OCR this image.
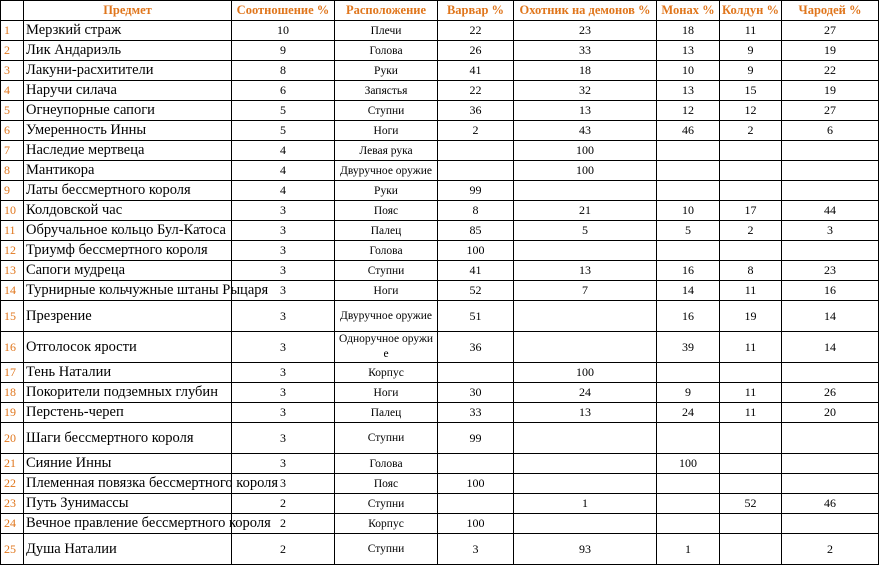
	Предмет	Соотношение %	Расположение	Варвар %	Охотник на демонов %	Монах %	Колдун %	Чародей %
1	Мерзкий страж	10	Плечи	22	23	18	11	27
2	Лик Андариэль	9	Голова	26	33	13	9	19
3	Лакуни-расхитители	8	Руки	41	18	10	9	22
4	Наручи силача	6	Запястья	22	32	13	15	19
5	Огнеупорные сапоги	5	Ступни	36	13	12	12	27
6	Умеренность Инны	5	Ноги	2	43	46	2	6
7	Наследие мертвеца	4	Левая рука		100			
8	Мантикора	4	Двуручное оружие		100			
9	Латы бессмертного короля	4	Руки	99				
10	Колдовской час	3	Пояс	8	21	10	17	44
11	Обручальное кольцо Бул-Катоса	3	Палец	85	5	5	2	3
12	Триумф бессмертного короля	3	Голова	100				
13	Сапоги мудреца	3	Ступни	41	13	16	8	23
14	Турнирные кольчужные штаны Рыцаря	3	Ноги	52	7	14	11	16
15	Презрение	3	Двуручное оружие	51		16	19	14
16	Отголосок ярости	3	Одноручное оружие	36		39	11	14
17	Тень Наталии	3	Корпус		100			
18	Покорители подземных глубин	3	Ноги	30	24	9	11	26
19	Перстень-череп	3	Палец	33	13	24	11	20
20	Шаги бессмертного короля	3	Ступни	99				
21	Сияние Инны	3	Голова			100		
22	Племенная повязка бессмертного короля	3	Пояс	100				
23	Путь Зунимассы	2	Ступни		1		52	46
24	Вечное правление бессмертного короля	2	Корпус	100				
25	Душа Наталии	2	Ступни	3	93	1		2
